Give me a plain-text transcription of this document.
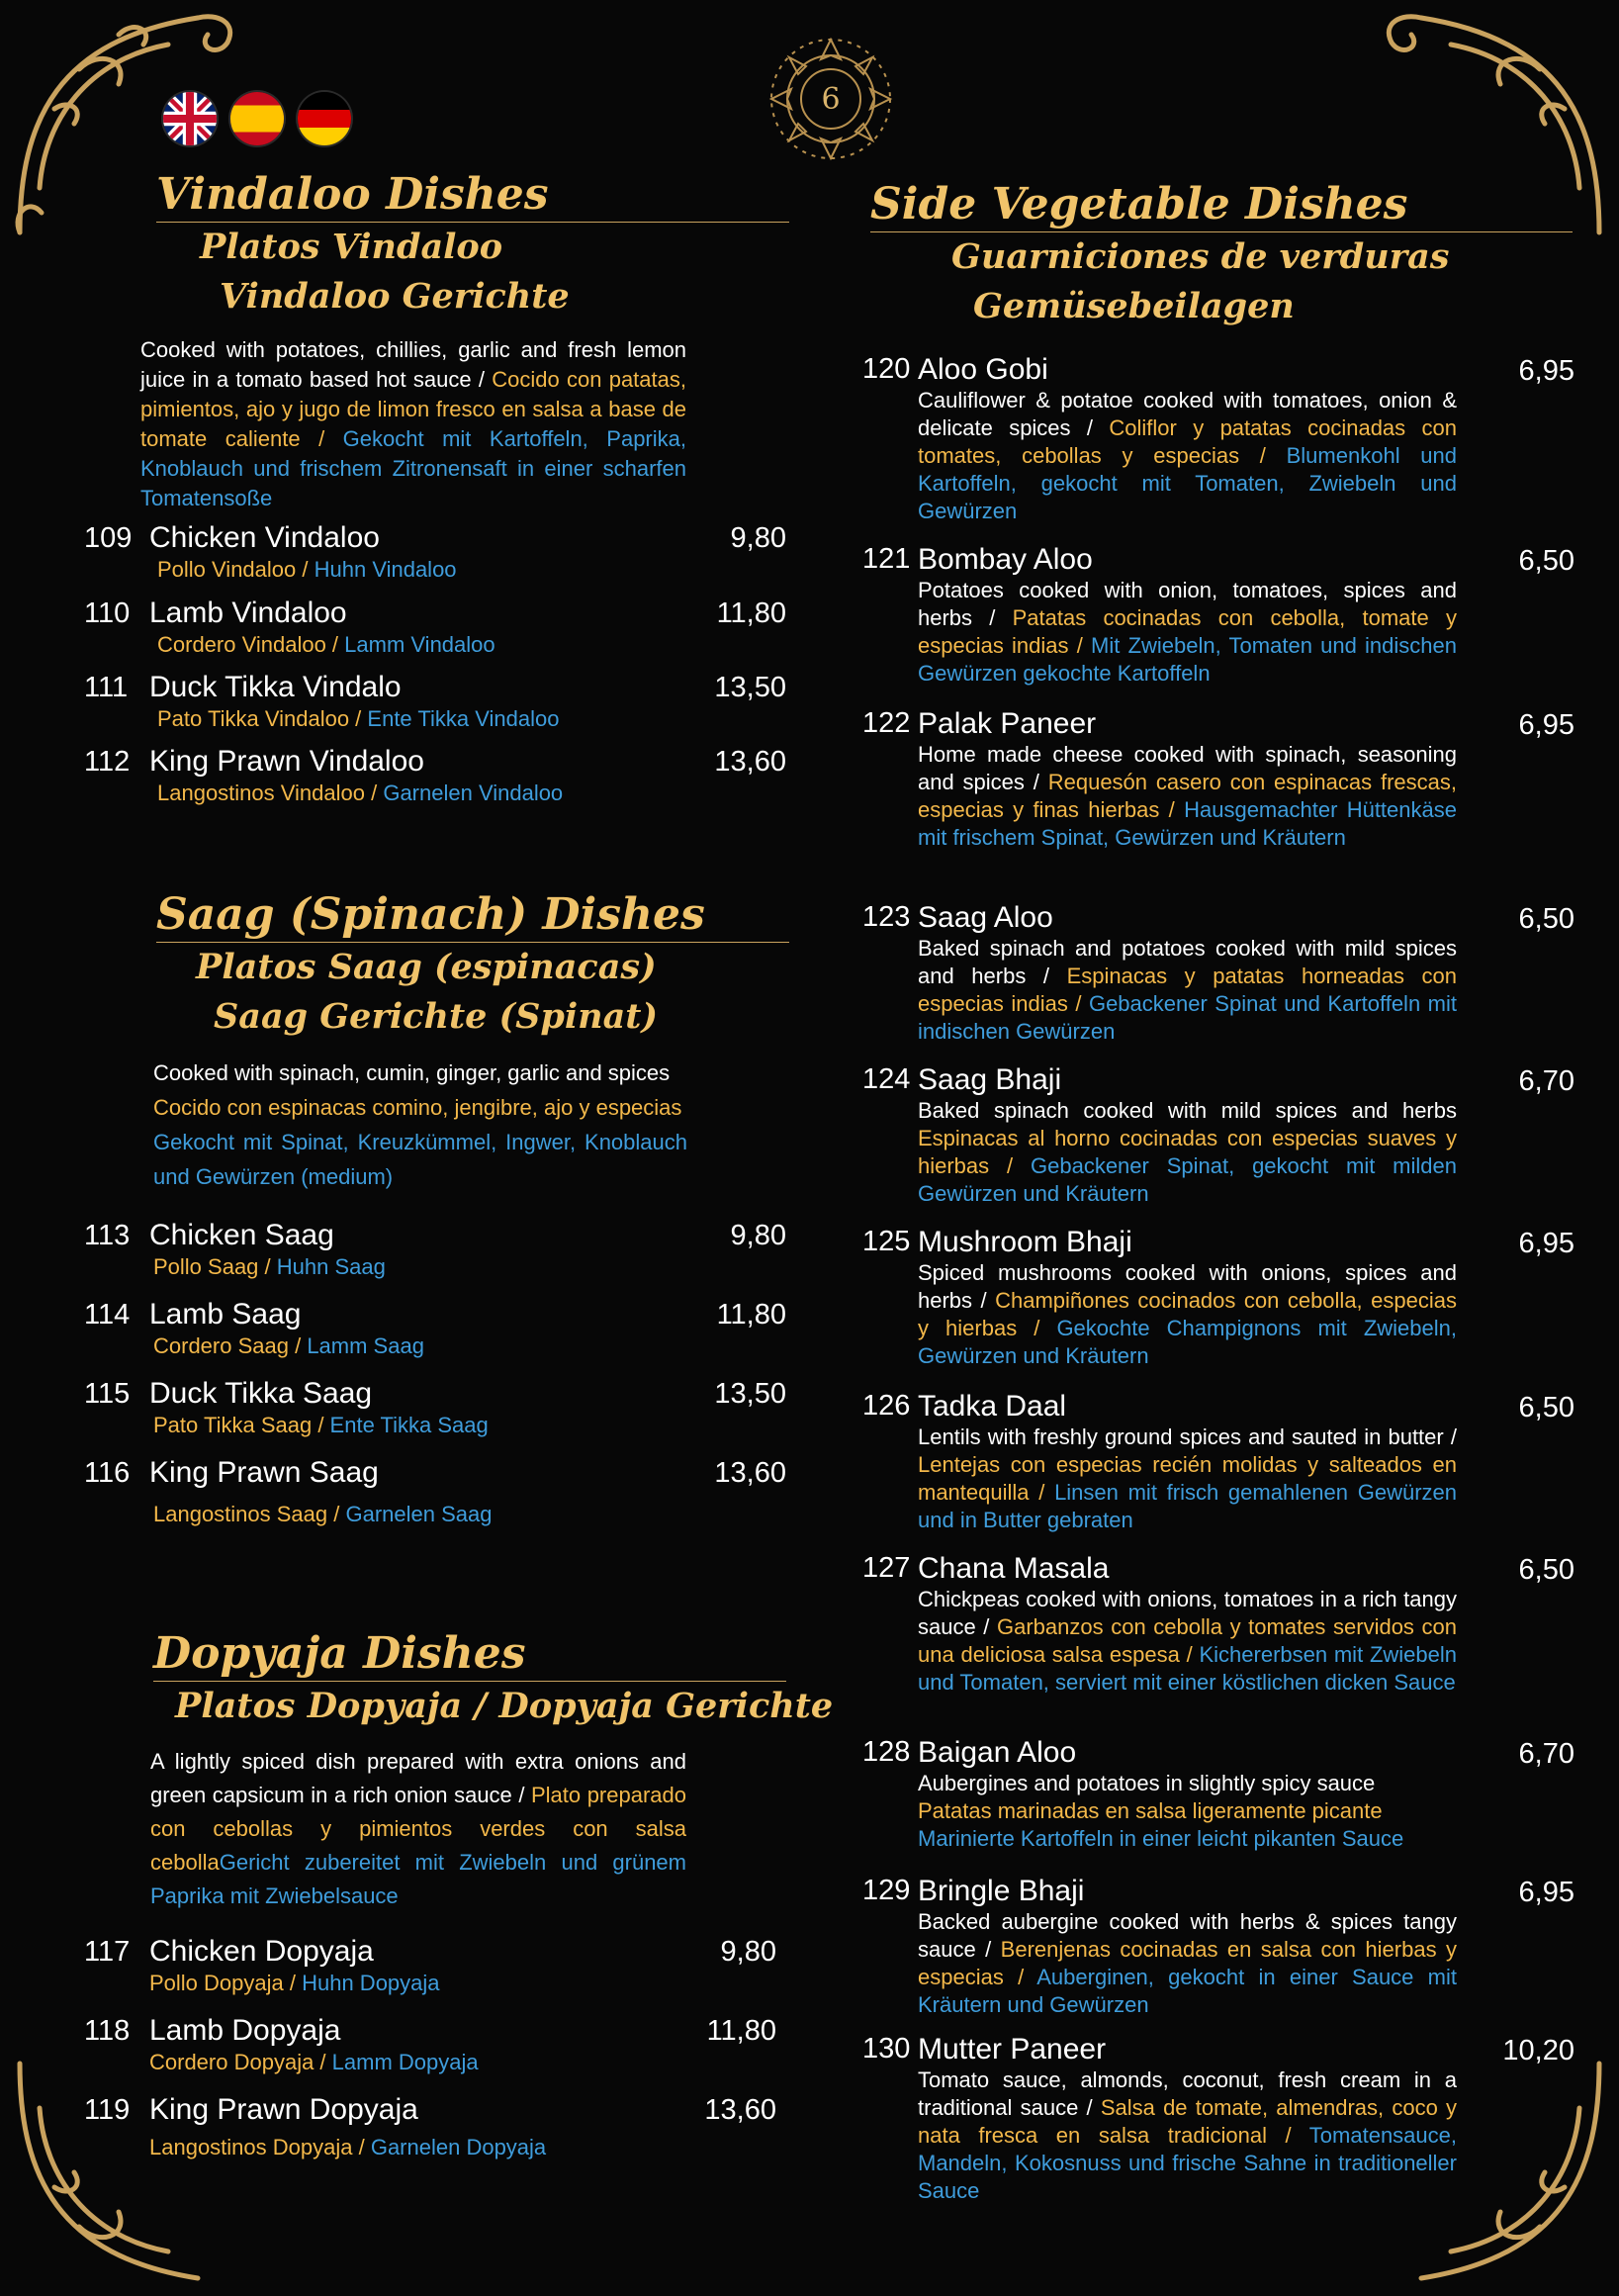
6
Vindaloo Dishes
Platos Vindaloo
Vindaloo Gerichte
Cooked with potatoes, chillies, garlic and fresh lemon juice in a tomato based hot sauce / Cocido con patatas, pimientos, ajo y jugo de limon fresco en salsa a base de tomate caliente / Gekocht mit Kartoffeln, Paprika, Knoblauch und frischem Zitronensaft in einer scharfen Tomatensoße
109 Chicken Vindaloo	9,80
Pollo Vindaloo / Huhn Vindaloo
110 Lamb Vindaloo	11,80
Cordero Vindaloo / Lamm Vindaloo
111 Duck Tikka Vindalo	13,50
Pato Tikka Vindaloo / Ente Tikka Vindaloo
112 King Prawn Vindaloo	13,60
Langostinos Vindaloo / Garnelen Vindaloo
Saag (Spinach) Dishes
Platos Saag (espinacas)
Saag Gerichte (Spinat)
Cooked with spinach, cumin, ginger, garlic and spices
Cocido con espinacas comino, jengibre, ajo y especias
Gekocht mit Spinat, Kreuzkümmel, Ingwer, Knoblauch und Gewürzen (medium)
113 Chicken Saag	9,80
Pollo Saag / Huhn Saag
114 Lamb Saag	11,80
Cordero Saag / Lamm Saag
115 Duck Tikka Saag	13,50
Pato Tikka Saag / Ente Tikka Saag
116 King Prawn Saag	13,60
Langostinos Saag / Garnelen Saag
Dopyaja Dishes
Platos Dopyaja / Dopyaja Gerichte
A lightly spiced dish prepared with extra onions and green capsicum in a rich onion sauce / Plato preparado con cebollas y pimientos verdes con salsa cebollaGericht zubereitet mit Zwiebeln und grünem Paprika mit Zwiebelsauce
117 Chicken Dopyaja	9,80
Pollo Dopyaja / Huhn Dopyaja
118 Lamb Dopyaja	11,80
Cordero Dopyaja / Lamm Dopyaja
119 King Prawn Dopyaja	13,60
Langostinos Dopyaja / Garnelen Dopyaja
Side Vegetable Dishes
Guarniciones de verduras
Gemüsebeilagen
120 Aloo Gobi
Cauliflower & potatoe cooked with tomatoes, onion & delicate spices / Coliflor y patatas cocinadas con tomates, cebollas y especias / Blumenkohl und Kartoffeln, gekocht mit Tomaten, Zwiebeln und Gewürzen
6,95
121 Bombay Aloo
Potatoes cooked with onion, tomatoes, spices and herbs / Patatas cocinadas con cebolla, tomate y especias indias / Mit Zwiebeln, Tomaten und indischen Gewürzen gekochte Kartoffeln
6,50
122 Palak Paneer
Home made cheese cooked with spinach, seasoning and spices / Requesón casero con espinacas frescas, especias y finas hierbas / Hausgemachter Hüttenkäse mit frischem Spinat, Gewürzen und Kräutern
6,95
123 Saag Aloo
Baked spinach and potatoes cooked with mild spices and herbs / Espinacas y patatas horneadas con especias indias / Gebackener Spinat und Kartoffeln mit indischen Gewürzen
6,50
124 Saag Bhaji
Baked spinach cooked with mild spices and herbs Espinacas al horno cocinadas con especias suaves y hierbas / Gebackener Spinat, gekocht mit milden Gewürzen und Kräutern
6,70
125 Mushroom Bhaji
Spiced mushrooms cooked with onions, spices and herbs / Champiñones cocinados con cebolla, especias y hierbas / Gekochte Champignons mit Zwiebeln, Gewürzen und Kräutern
6,95
126 Tadka Daal
Lentils with freshly ground spices and sauted in butter / Lentejas con especias recién molidas y salteados en mantequilla / Linsen mit frisch gemahlenen Gewürzen und in Butter gebraten
6,50
127 Chana Masala
Chickpeas cooked with onions, tomatoes in a rich tangy sauce / Garbanzos con cebolla y tomates servidos con una deliciosa salsa espesa / Kichererbsen mit Zwiebeln und Tomaten, serviert mit einer köstlichen dicken Sauce
6,50
128 Baigan Aloo
Aubergines and potatoes in slightly spicy sauce
Patatas marinadas en salsa ligeramente picante
Marinierte Kartoffeln in einer leicht pikanten Sauce
6,70
129 Bringle Bhaji
Backed aubergine cooked with herbs & spices tangy sauce / Berenjenas cocinadas en salsa con hierbas y especias / Auberginen, gekocht in einer Sauce mit Kräutern und Gewürzen
6,95
130 Mutter Paneer
Tomato sauce, almonds, coconut, fresh cream in a traditional sauce / Salsa de tomate, almendras, coco y nata fresca en salsa tradicional / Tomatensauce, Mandeln, Kokosnuss und frische Sahne in traditioneller Sauce
10,20
